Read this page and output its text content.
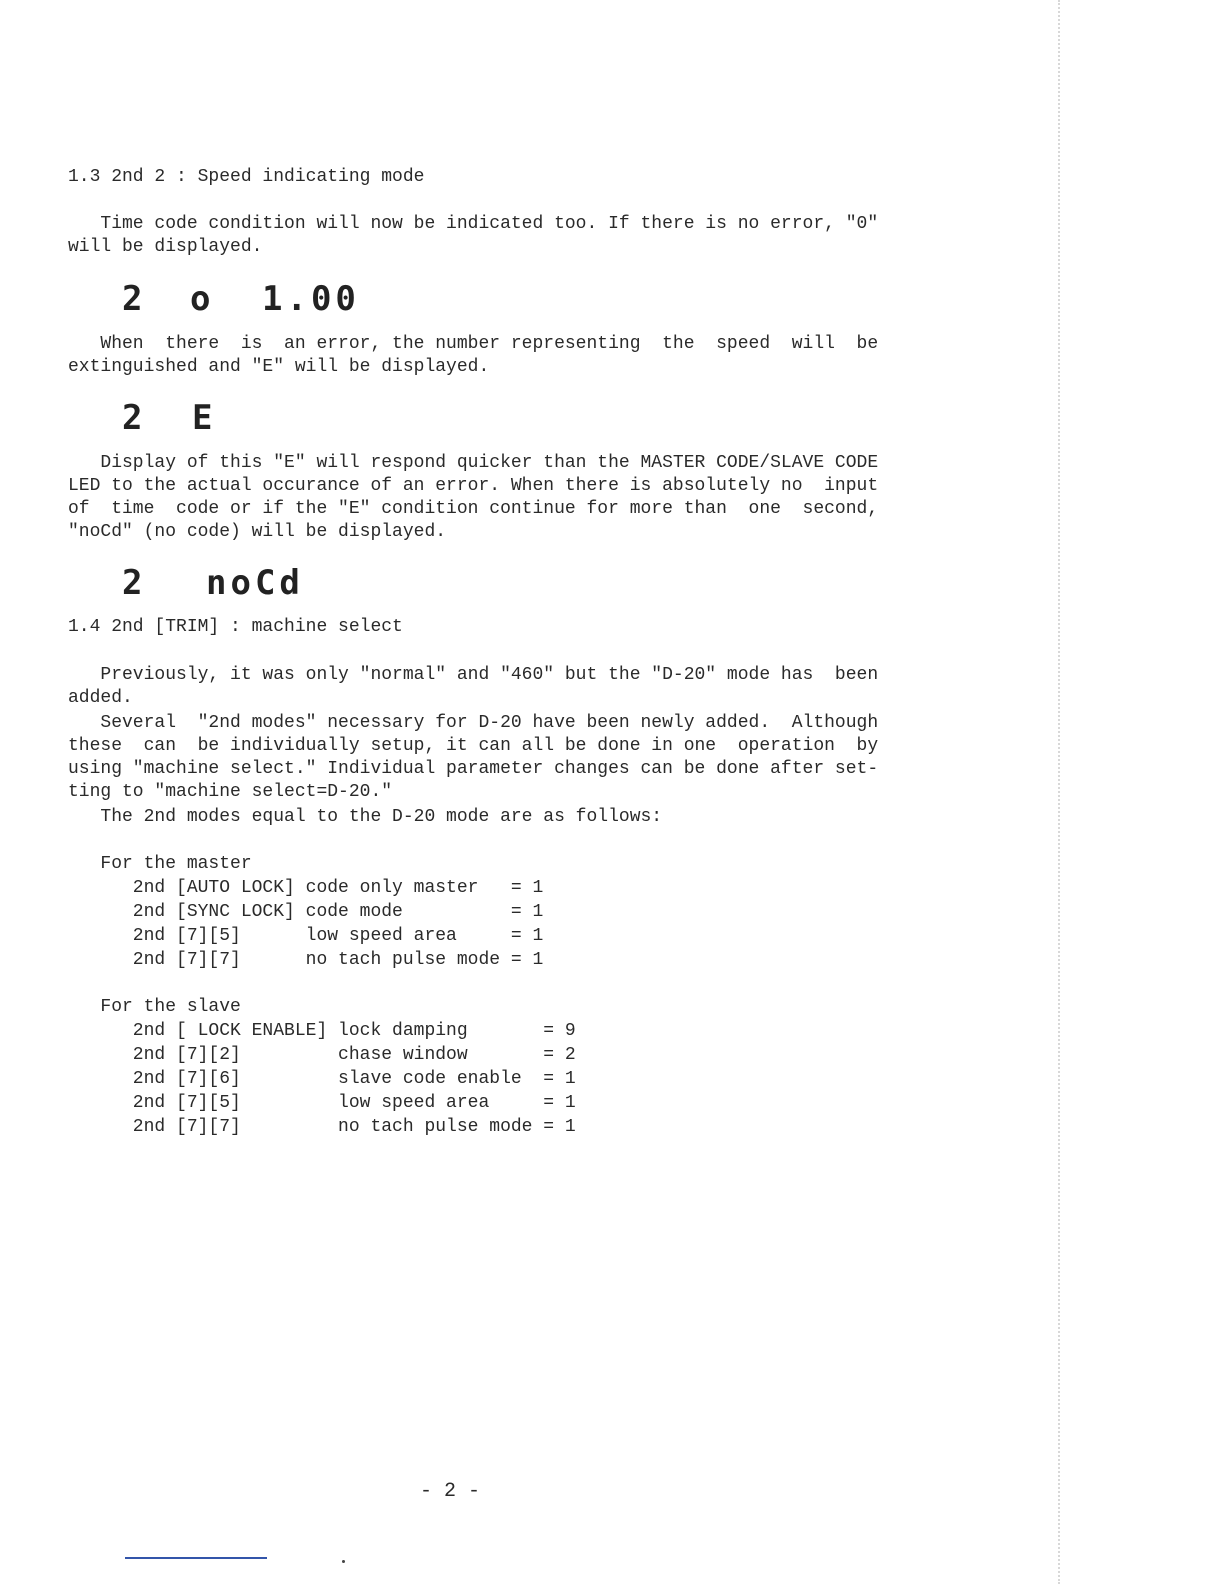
1.3 2nd 2 : Speed indicating mode
Time code condition will now be indicated too. If there is no error, "0"
will be displayed.
2 o 1.00
When  there  is  an error, the number representing  the  speed  will  be
extinguished and "E" will be displayed.
2 E
Display of this "E" will respond quicker than the MASTER CODE/SLAVE CODE
LED to the actual occurance of an error. When there is absolutely no  input
of  time  code or if the "E" condition continue for more than  one  second,
"noCd" (no code) will be displayed.
2 noCd
1.4 2nd [TRIM] : machine select
Previously, it was only "normal" and "460" but the "D-20" mode has  been
added.
Several  "2nd modes" necessary for D-20 have been newly added.  Although
these  can  be individually setup, it can all be done in one  operation  by
using "machine select." Individual parameter changes can be done after set-
ting to "machine select=D-20."
The 2nd modes equal to the D-20 mode are as follows:
For the master
2nd [AUTO LOCK] code only master   = 1
2nd [SYNC LOCK] code mode          = 1
2nd [7][5]      low speed area     = 1
2nd [7][7]      no tach pulse mode = 1
For the slave
2nd [ LOCK ENABLE] lock damping       = 9
2nd [7][2]         chase window       = 2
2nd [7][6]         slave code enable  = 1
2nd [7][5]         low speed area     = 1
2nd [7][7]         no tach pulse mode = 1
- 2 -
